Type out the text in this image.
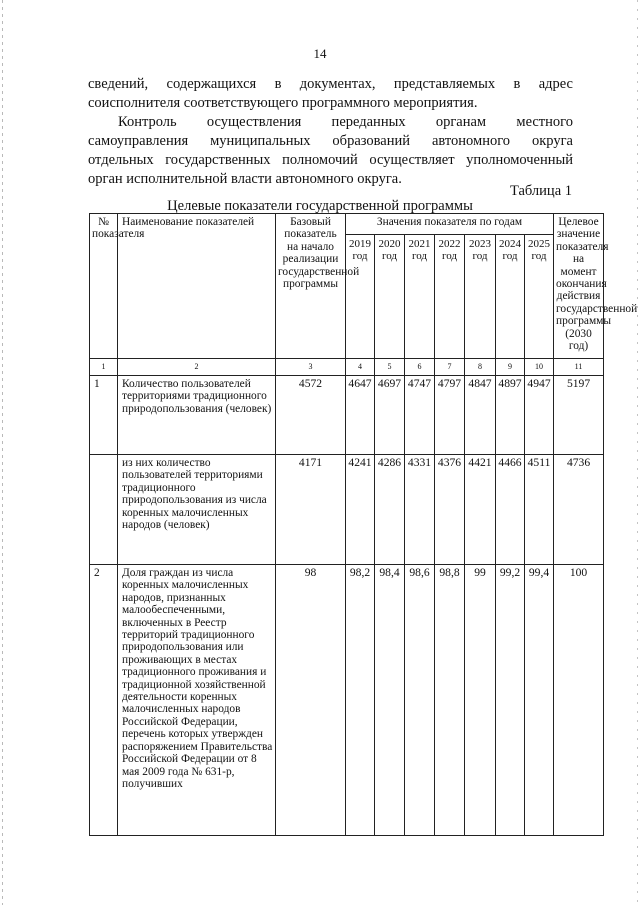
14
сведений, содержащихся в документах, представляемых в адрес
соисполнителя соответствующего программного мероприятия.
Контроль осуществления переданных органам местного
самоуправления муниципальных образований автономного округа
отдельных государственных полномочий осуществляет уполномоченный
орган исполнительной власти автономного округа.
Таблица 1
Целевые показатели государственной программы
№ показателя	Наименование показателей	Базовый показатель на начало реализации государственной программы	Значения показателя по годам							Целевое значение показателя на момент окончания действия государственной программы (2030 год)
			2019 год	2020 год	2021 год	2022 год	2023 год	2024 год	2025 год	
1	2	3	4	5	6	7	8	9	10	11
1	Количество пользователей территориями традиционного природопользования (человек)	4572	4647	4697	4747	4797	4847	4897	4947	5197
	из них количество пользователей территориями традиционного природопользования из числа коренных малочисленных народов (человек)	4171	4241	4286	4331	4376	4421	4466	4511	4736
2	Доля граждан из числа коренных малочисленных народов, признанных малообеспеченными, включенных в Реестр территорий традиционного природопользования или проживающих в местах традиционного проживания и традиционной хозяйственной деятельности коренных малочисленных народов Российской Федерации, перечень которых утвержден распоряжением Правительства Российской Федерации от 8 мая 2009 года № 631-р, получивших	98	98,2	98,4	98,6	98,8	99	99,2	99,4	100
